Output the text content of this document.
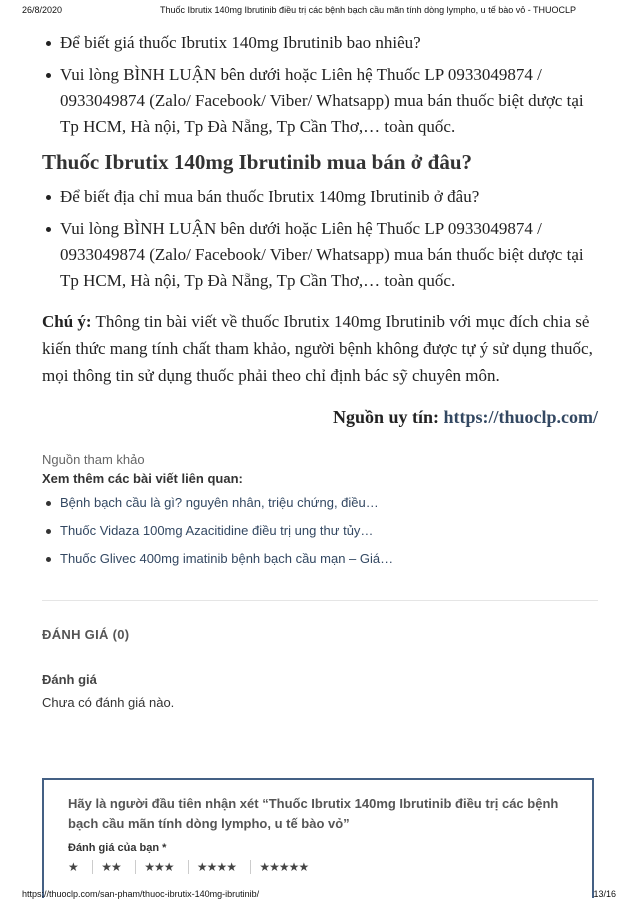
26/8/2020	Thuốc Ibrutix 140mg Ibrutinib điều trị các bệnh bạch cầu mãn tính dòng lympho, u tế bào vỏ - THUOCLP
Để biết giá thuốc Ibrutix 140mg Ibrutinib bao nhiêu?
Vui lòng BÌNH LUẬN bên dưới hoặc Liên hệ Thuốc LP 0933049874 / 0933049874 (Zalo/ Facebook/ Viber/ Whatsapp) mua bán thuốc biệt dược tại Tp HCM, Hà nội, Tp Đà Nẵng, Tp Cần Thơ,… toàn quốc.
Thuốc Ibrutix 140mg Ibrutinib mua bán ở đâu?
Để biết địa chỉ mua bán thuốc Ibrutix 140mg Ibrutinib ở đâu?
Vui lòng BÌNH LUẬN bên dưới hoặc Liên hệ Thuốc LP 0933049874 / 0933049874 (Zalo/ Facebook/ Viber/ Whatsapp) mua bán thuốc biệt dược tại Tp HCM, Hà nội, Tp Đà Nẵng, Tp Cần Thơ,… toàn quốc.

Chú ý: Thông tin bài viết về thuốc Ibrutix 140mg Ibrutinib với mục đích chia sẻ kiến thức mang tính chất tham khảo, người bệnh không được tự ý sử dụng thuốc, mọi thông tin sử dụng thuốc phải theo chỉ định bác sỹ chuyên môn.

Nguồn uy tín: https://thuoclp.com/
Nguồn tham khảo
Xem thêm các bài viết liên quan:
Bệnh bạch cầu là gì? nguyên nhân, triệu chứng, điều…
Thuốc Vidaza 100mg Azacitidine điều trị ung thư tủy…
Thuốc Glivec 400mg imatinib bệnh bạch cầu mạn – Giá…
ĐÁNH GIÁ (0)
Đánh giá
Chưa có đánh giá nào.
Hãy là người đầu tiên nhận xét “Thuốc Ibrutix 140mg Ibrutinib điều trị các bệnh bạch cầu mãn tính dòng lympho, u tế bào vỏ”
Đánh giá của bạn *
★ ★★ ★★★ ★★★★ ★★★★★
https://thuoclp.com/san-pham/thuoc-ibrutix-140mg-ibrutinib/	13/16
